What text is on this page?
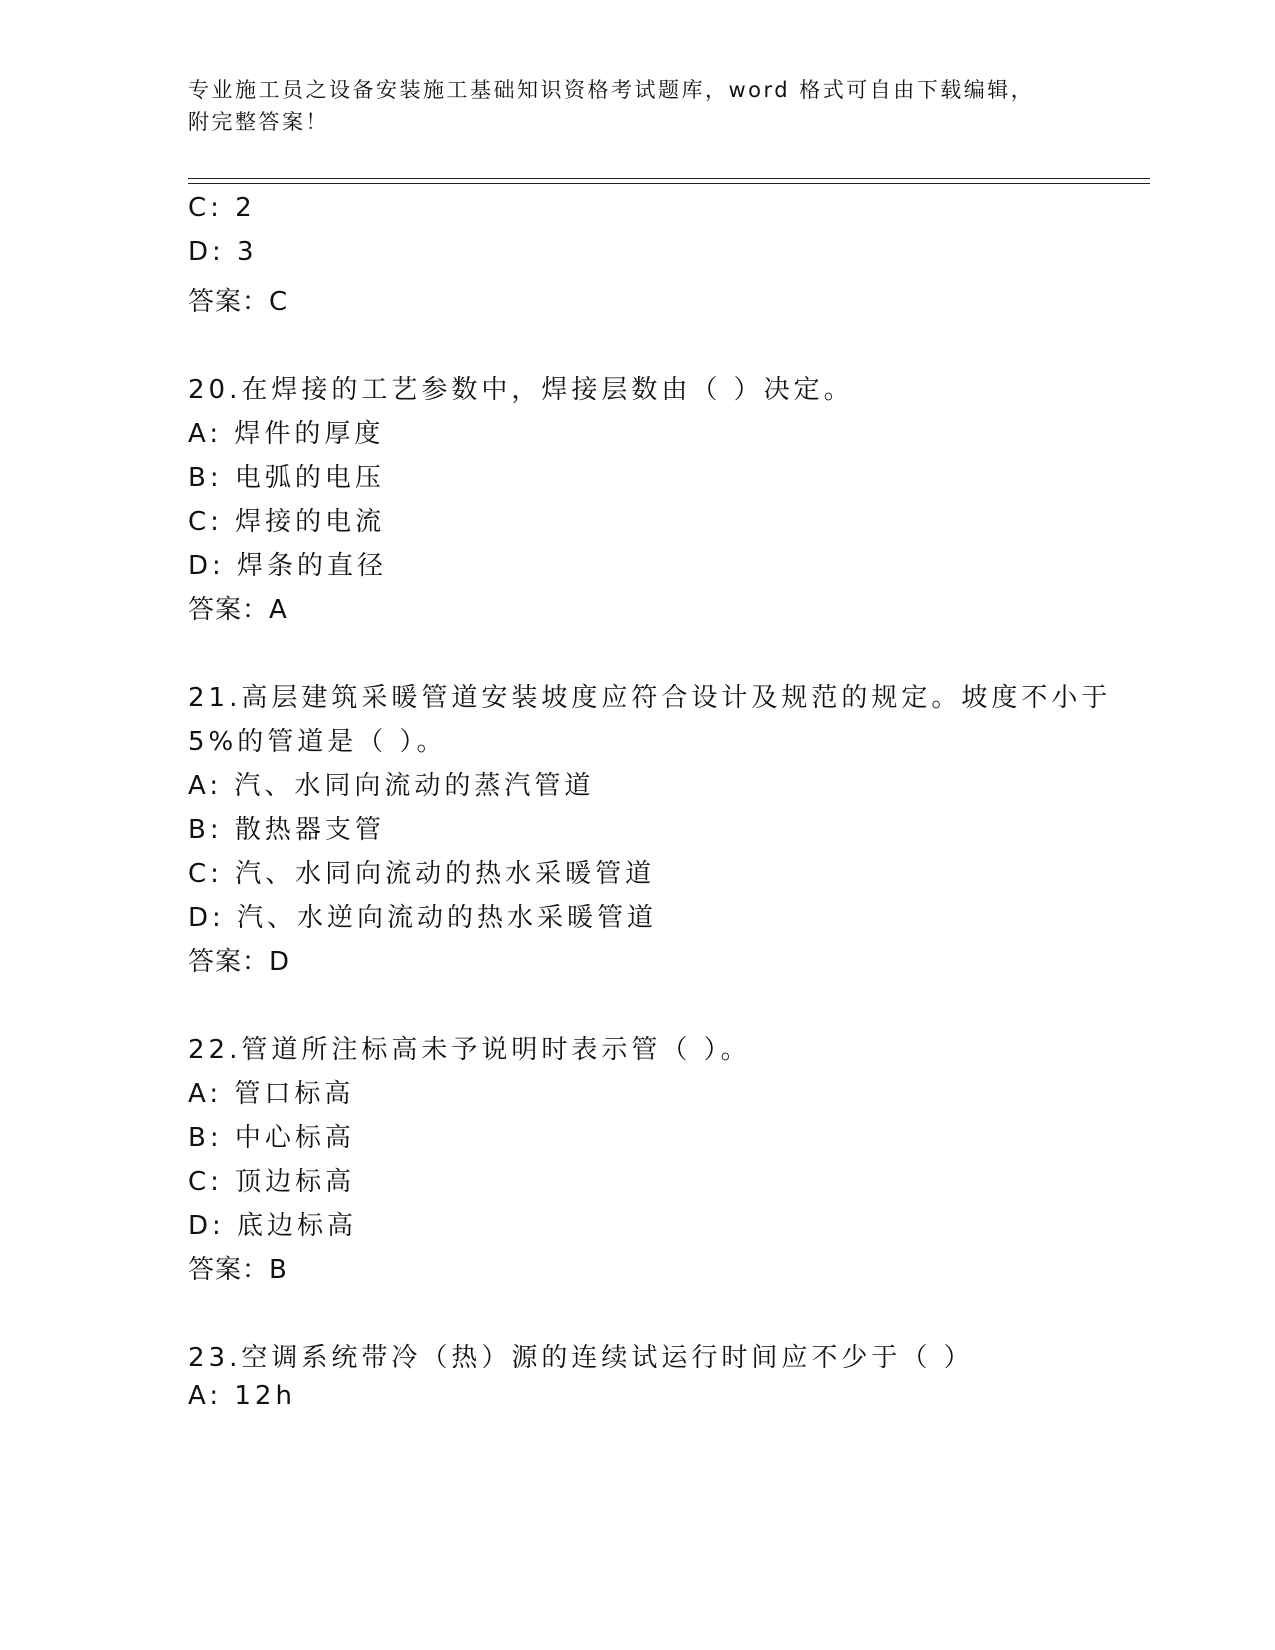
专业施工员之设备安装施工基础知识资格考试题库，word 格式可自由下载编辑，
附完整答案！
C: 2
D: 3
答案：C
20.在焊接的工艺参数中，焊接层数由（ ）决定。
A: 焊件的厚度
B: 电弧的电压
C: 焊接的电流
D: 焊条的直径
答案：A
21.高层建筑采暖管道安装坡度应符合设计及规范的规定。坡度不小于
5%的管道是（ ）。
A: 汽、水同向流动的蒸汽管道
B: 散热器支管
C: 汽、水同向流动的热水采暖管道
D: 汽、水逆向流动的热水采暖管道
答案：D
22.管道所注标高未予说明时表示管（ ）。
A: 管口标高
B: 中心标高
C: 顶边标高
D: 底边标高
答案：B
23.空调系统带冷（热）源的连续试运行时间应不少于（ ）
A: 12h
